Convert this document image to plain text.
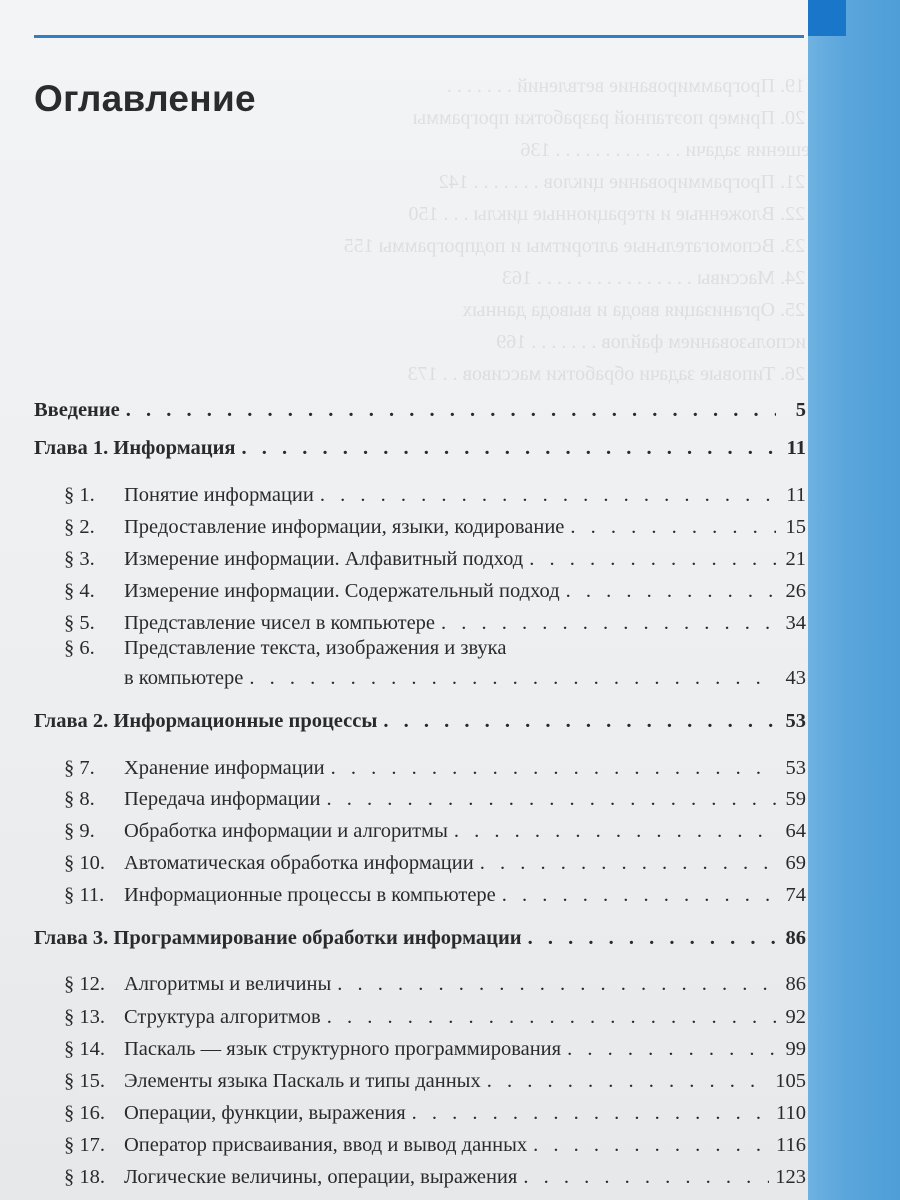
§ 19. Программирование ветвлений . . . . . . .
§ 20. Пример поэтапной разработки программы
решения задачи . . . . . . . . . . . . . 136
§ 21. Программирование циклов . . . . . . . 142
§ 22. Вложенные и итерационные циклы . . . 150
§ 23. Вспомогательные алгоритмы и подпрограммы 155
§ 24. Массивы . . . . . . . . . . . . . . . . 163
§ 25. Организация ввода и вывода данных
с использованием файлов . . . . . . . 169
§ 26. Типовые задачи обработки массивов . . 173
Оглавление
Введение . . .	5
Глава 1. Информация . . .	11
§ 1.	Понятие информации . . .	11
§ 2.	Предоставление информации, языки, кодирование . . .	15
§ 3.	Измерение информации. Алфавитный подход . . .	21
§ 4.	Измерение информации. Содержательный подход . . .	26
§ 5.	Представление чисел в компьютере . . .	34
§ 6.	Представление текста, изображения и звука
в компьютере . . .	43
Глава 2. Информационные процессы . . .	53
§ 7.	Хранение информации . . .	53
§ 8.	Передача информации . . .	59
§ 9.	Обработка информации и алгоритмы . . .	64
§ 10. Автоматическая обработка информации . . .	69
§ 11. Информационные процессы в компьютере . . .	74
Глава 3. Программирование обработки информации . . .	86
§ 12. Алгоритмы и величины . . .	86
§ 13. Структура алгоритмов . . .	92
§ 14. Паскаль — язык структурного программирования . . .	99
§ 15. Элементы языка Паскаль и типы данных . . .	105
§ 16. Операции, функции, выражения . . .	110
§ 17. Оператор присваивания, ввод и вывод данных . . .	116
§ 18. Логические величины, операции, выражения . . .	123
